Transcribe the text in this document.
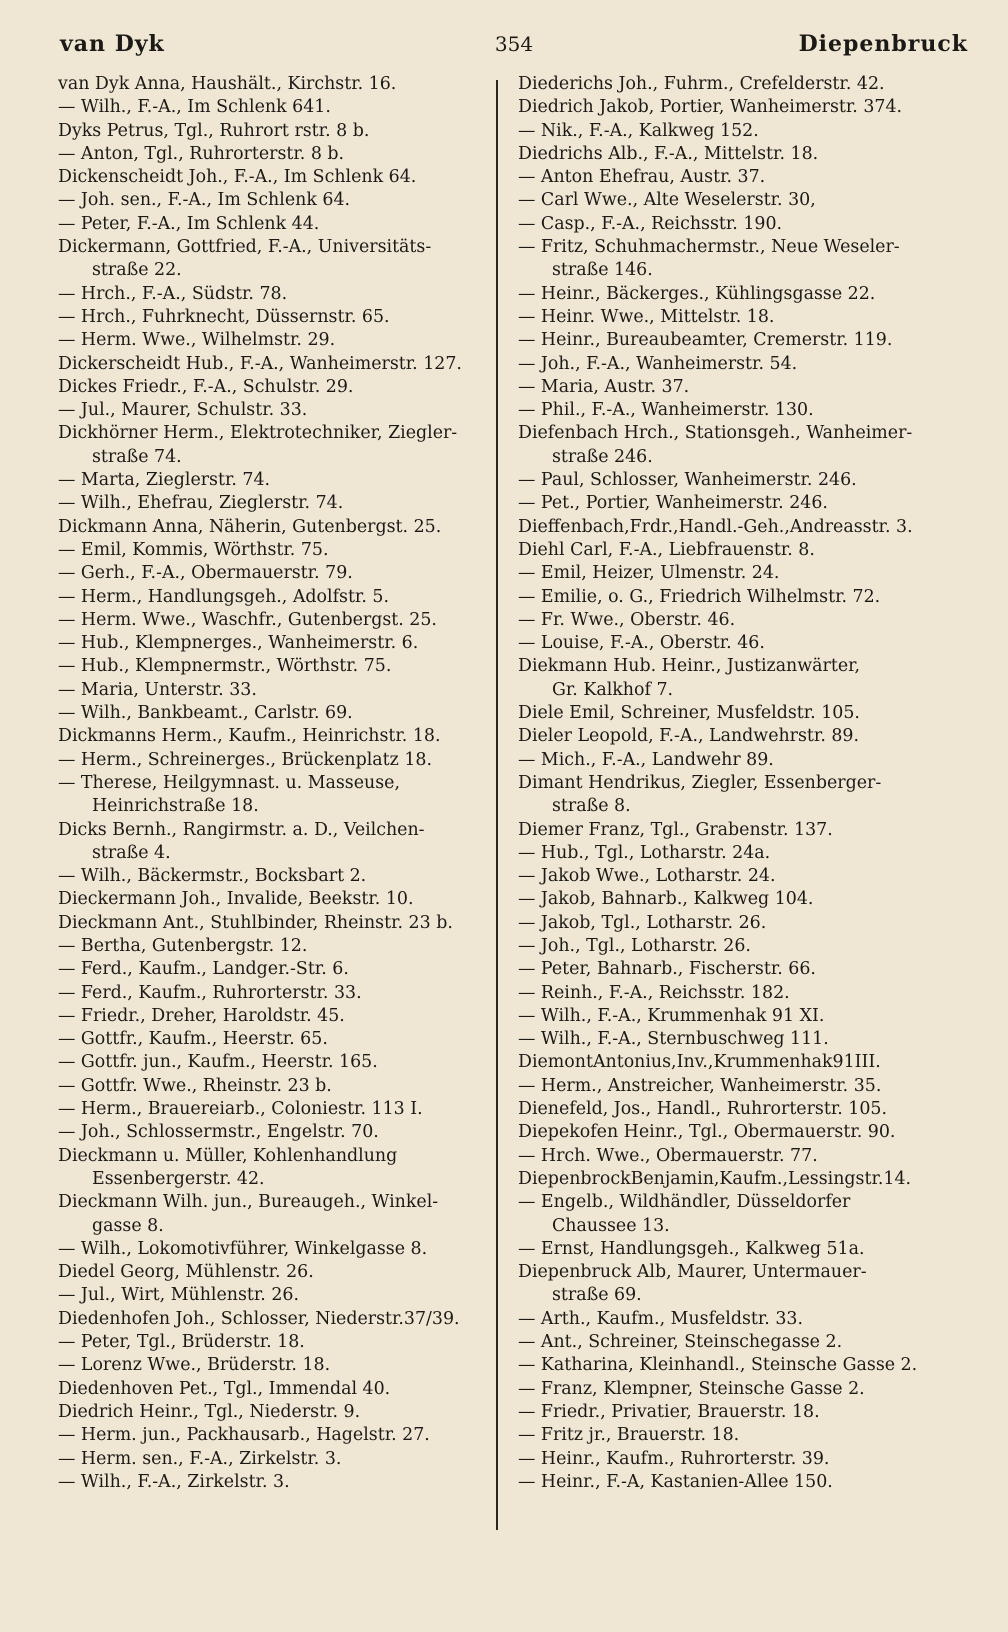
van Dyk	354	Diepenbruck
van Dyk Anna, Haushält., Kirchstr. 16.
— Wilh., F.-A., Im Schlenk 641.
Dyks Petrus, Tgl., Ruhrort rstr. 8 b.
— Anton, Tgl., Ruhrorterstr. 8 b.
Dickenscheidt Joh., F.-A., Im Schlenk 64.
— Joh. sen., F.-A., Im Schlenk 64.
— Peter, F.-A., Im Schlenk 44.
Dickermann, Gottfried, F.-A., Universitäts-
straße 22.
— Hrch., F.-A., Südstr. 78.
— Hrch., Fuhrknecht, Düssernstr. 65.
— Herm. Wwe., Wilhelmstr. 29.
Dickerscheidt Hub., F.-A., Wanheimerstr. 127.
Dickes Friedr., F.-A., Schulstr. 29.
— Jul., Maurer, Schulstr. 33.
Dickhörner Herm., Elektrotechniker, Ziegler-
straße 74.
— Marta, Zieglerstr. 74.
— Wilh., Ehefrau, Zieglerstr. 74.
Dickmann Anna, Näherin, Gutenbergst. 25.
— Emil, Kommis, Wörthstr. 75.
— Gerh., F.-A., Obermauerstr. 79.
— Herm., Handlungsgeh., Adolfstr. 5.
— Herm. Wwe., Waschfr., Gutenbergst. 25.
— Hub., Klempnerges., Wanheimerstr. 6.
— Hub., Klempnermstr., Wörthstr. 75.
— Maria, Unterstr. 33.
— Wilh., Bankbeamt., Carlstr. 69.
Dickmanns Herm., Kaufm., Heinrichstr. 18.
— Herm., Schreinerges., Brückenplatz 18.
— Therese, Heilgymnast. u. Masseuse,
Heinrichstraße 18.
Dicks Bernh., Rangirmstr. a. D., Veilchen-
straße 4.
— Wilh., Bäckermstr., Bocksbart 2.
Dieckermann Joh., Invalide, Beekstr. 10.
Dieckmann Ant., Stuhlbinder, Rheinstr. 23 b.
— Bertha, Gutenbergstr. 12.
— Ferd., Kaufm., Landger.-Str. 6.
— Ferd., Kaufm., Ruhrorterstr. 33.
— Friedr., Dreher, Haroldstr. 45.
— Gottfr., Kaufm., Heerstr. 65.
— Gottfr. jun., Kaufm., Heerstr. 165.
— Gottfr. Wwe., Rheinstr. 23 b.
— Herm., Brauereiarb., Coloniestr. 113 I.
— Joh., Schlossermstr., Engelstr. 70.
Dieckmann u. Müller, Kohlenhandlung
Essenbergerstr. 42.
Dieckmann Wilh. jun., Bureaugeh., Winkel-
gasse 8.
— Wilh., Lokomotivführer, Winkelgasse 8.
Diedel Georg, Mühlenstr. 26.
— Jul., Wirt, Mühlenstr. 26.
Diedenhofen Joh., Schlosser, Niederstr.37/39.
— Peter, Tgl., Brüderstr. 18.
— Lorenz Wwe., Brüderstr. 18.
Diedenhoven Pet., Tgl., Immendal 40.
Diedrich Heinr., Tgl., Niederstr. 9.
— Herm. jun., Packhausarb., Hagelstr. 27.
— Herm. sen., F.-A., Zirkelstr. 3.
— Wilh., F.-A., Zirkelstr. 3.
Diederichs Joh., Fuhrm., Crefelderstr. 42.
Diedrich Jakob, Portier, Wanheimerstr. 374.
— Nik., F.-A., Kalkweg 152.
Diedrichs Alb., F.-A., Mittelstr. 18.
— Anton Ehefrau, Austr. 37.
— Carl Wwe., Alte Weselerstr. 30,
— Casp., F.-A., Reichsstr. 190.
— Fritz, Schuhmachermstr., Neue Weseler-
straße 146.
— Heinr., Bäckerges., Kühlingsgasse 22.
— Heinr. Wwe., Mittelstr. 18.
— Heinr., Bureaubeamter, Cremerstr. 119.
— Joh., F.-A., Wanheimerstr. 54.
— Maria, Austr. 37.
— Phil., F.-A., Wanheimerstr. 130.
Diefenbach Hrch., Stationsgeh., Wanheimer-
straße 246.
— Paul, Schlosser, Wanheimerstr. 246.
— Pet., Portier, Wanheimerstr. 246.
Dieffenbach,Frdr.,Handl.-Geh.,Andreasstr. 3.
Diehl Carl, F.-A., Liebfrauenstr. 8.
— Emil, Heizer, Ulmenstr. 24.
— Emilie, o. G., Friedrich Wilhelmstr. 72.
— Fr. Wwe., Oberstr. 46.
— Louise, F.-A., Oberstr. 46.
Diekmann Hub. Heinr., Justizanwärter,
Gr. Kalkhof 7.
Diele Emil, Schreiner, Musfeldstr. 105.
Dieler Leopold, F.-A., Landwehrstr. 89.
— Mich., F.-A., Landwehr 89.
Dimant Hendrikus, Ziegler, Essenberger-
straße 8.
Diemer Franz, Tgl., Grabenstr. 137.
— Hub., Tgl., Lotharstr. 24a.
— Jakob Wwe., Lotharstr. 24.
— Jakob, Bahnarb., Kalkweg 104.
— Jakob, Tgl., Lotharstr. 26.
— Joh., Tgl., Lotharstr. 26.
— Peter, Bahnarb., Fischerstr. 66.
— Reinh., F.-A., Reichsstr. 182.
— Wilh., F.-A., Krummenhak 91 XI.
— Wilh., F.-A., Sternbuschweg 111.
DiemontAntonius,Inv.,Krummenhak91III.
— Herm., Anstreicher, Wanheimerstr. 35.
Dienefeld, Jos., Handl., Ruhrorterstr. 105.
Diepekofen Heinr., Tgl., Obermauerstr. 90.
— Hrch. Wwe., Obermauerstr. 77.
DiepenbrockBenjamin,Kaufm.,Lessingstr.14.
— Engelb., Wildhändler, Düsseldorfer
Chaussee 13.
— Ernst, Handlungsgeh., Kalkweg 51a.
Diepenbruck Alb, Maurer, Untermauer-
straße 69.
— Arth., Kaufm., Musfeldstr. 33.
— Ant., Schreiner, Steinschegasse 2.
— Katharina, Kleinhandl., Steinsche Gasse 2.
— Franz, Klempner, Steinsche Gasse 2.
— Friedr., Privatier, Brauerstr. 18.
— Fritz jr., Brauerstr. 18.
— Heinr., Kaufm., Ruhrorterstr. 39.
— Heinr., F.-A, Kastanien-Allee 150.
